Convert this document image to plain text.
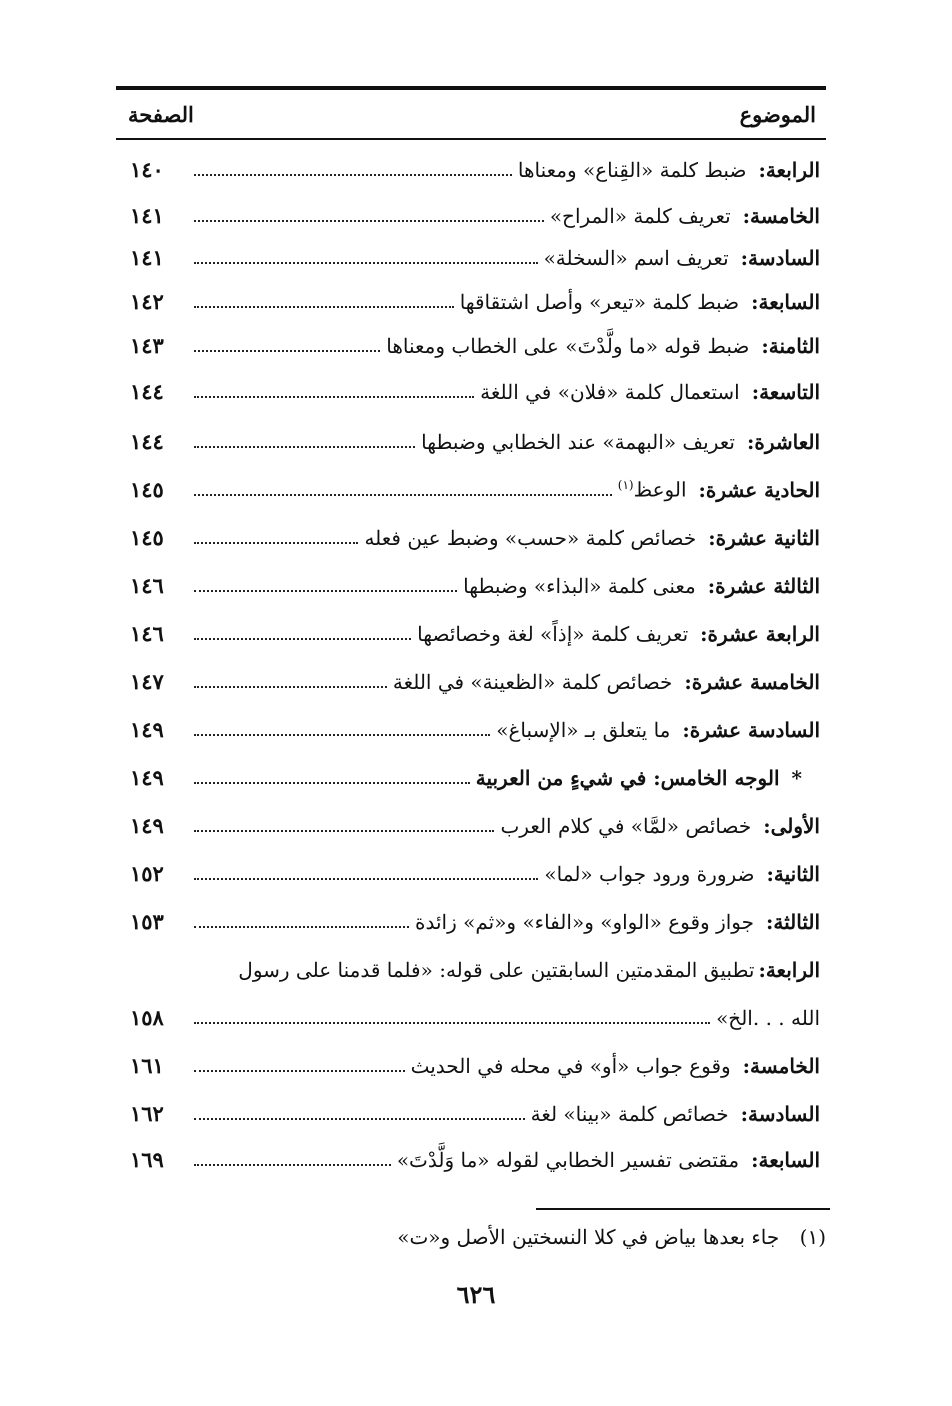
الموضوع
الصفحة
الرابعة:
ضبط كلمة «القِناع» ومعناها
١٤٠
الخامسة:
تعريف كلمة «المراح»
١٤١
السادسة:
تعريف اسم «السخلة»
١٤١
السابعة:
ضبط كلمة «تيعر» وأصل اشتقاقها
١٤٢
الثامنة:
ضبط قوله «ما ولَّدْتَ» على الخطاب ومعناها
١٤٣
التاسعة:
استعمال كلمة «فلان» في اللغة
١٤٤
العاشرة:
تعريف «البهمة» عند الخطابي وضبطها
١٤٤
الحادية عشرة:
الوعظ$^{(١)}$
١٤٥
الثانية عشرة:
خصائص كلمة «حسب» وضبط عين فعله
١٤٥
الثالثة عشرة:
معنى كلمة «البذاء» وضبطها
١٤٦
الرابعة عشرة:
تعريف كلمة «إذاً» لغة وخصائصها
١٤٦
الخامسة عشرة:
خصائص كلمة «الظعينة» في اللغة
١٤٧
السادسة عشرة:
ما يتعلق بـ «الإسباغ»
١٤٩
*
الوجه الخامس: في شيءٍ من العربية
١٤٩
الأولى:
خصائص «لمَّا» في كلام العرب
١٤٩
الثانية:
ضرورة ورود جواب «لما»
١٥٢
الثالثة:
جواز وقوع «الواو» و«الفاء» و«ثم» زائدة
١٥٣
الرابعة:
تطبيق المقدمتين السابقتين على قوله: «فلما قدمنا على رسول
الله . . .الخ»
١٥٨
الخامسة:
وقوع جواب «أو» في محله في الحديث
١٦١
السادسة:
خصائص كلمة «بينا» لغة
١٦٢
السابعة:
مقتضى تفسير الخطابي لقوله «ما وَلَّدْتَ»
١٦٩
(١) جاء بعدها بياض في كلا النسختين الأصل و«ت»
٦٢٦
